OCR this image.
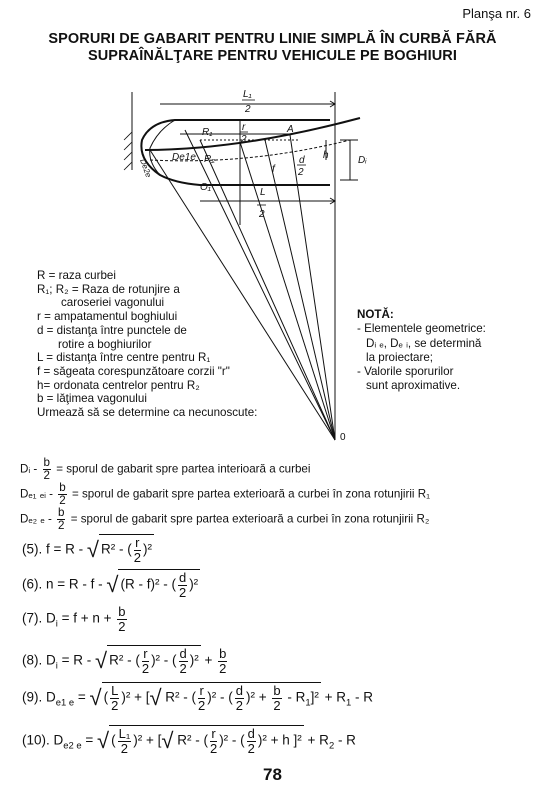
Planşa nr. 6
SPORURI DE GABARIT PENTRU LINIE SIMPLĂ ÎN CURBĂ FĂRĂ
SUPRAÎNĂLŢARE PENTRU VEHICULE PE BOGHIURI
L₁
2
r
2
R₁
R₂
A
f
h
d
2
Dᵢ
O₁
De1e
De2e
L
2
0
R = raza curbei
R₁; R₂ = Raza de rotunjire a
caroseriei vagonului
r = ampatamentul boghiului
d = distanţa între punctele de
rotire a boghiurilor
L = distanţa între centre pentru R₁
f = săgeata corespunzătoare corzii "r"
h= ordonata centrelor pentru R₂
b = lăţimea vagonului
Urmează să se determine ca necunoscute:
NOTĂ:
- Elementele geometrice:
Dᵢ ₑ, Dₑ ᵢ, se determină
la proiectare;
- Valorile sporurilor
sunt aproximative.
Dᵢ - $\frac{b}{2}$ = sporul de gabarit spre partea interioară a curbei
Dₑ₁ ₑᵢ - $\frac{b}{2}$ = sporul de gabarit spre partea exterioară a curbei în zona rotunjirii R₁
Dₑ₂ ₑ - $\frac{b}{2}$ = sporul de gabarit spre partea exterioară a curbei în zona rotunjirii R₂
(5). f = R - √ R² - ( $\frac{r}{2} )^2$
(6). n = R - f - √ (R - f)² - ( $\frac{d}{2} )^2$
(7). $D_i = f + n + \frac{b}{2}$
(8). $D_i = R$ - √ R² - ( $\frac{r}{2} )^2$ - ( $\frac{d}{2} )^2 + \frac{b}{2}$
(9). $D_{e1 e}$ = √ ( $\frac{L}{2} )^2$ + [√ R² - ( $\frac{r}{2} )^2$ - ( $\frac{d}{2} )^2 + \frac{b}{2} - R_1]^2 + R_1 - R$
(10). $D_{e2 e}$ = √ ( $\frac{\text{L₁}}{2} )^2$ + [√ R² - ( $\frac{r}{2} )^2$ - ( $\frac{d}{2} )^2 + h$ ]$^2 + R_2 - R$
78
